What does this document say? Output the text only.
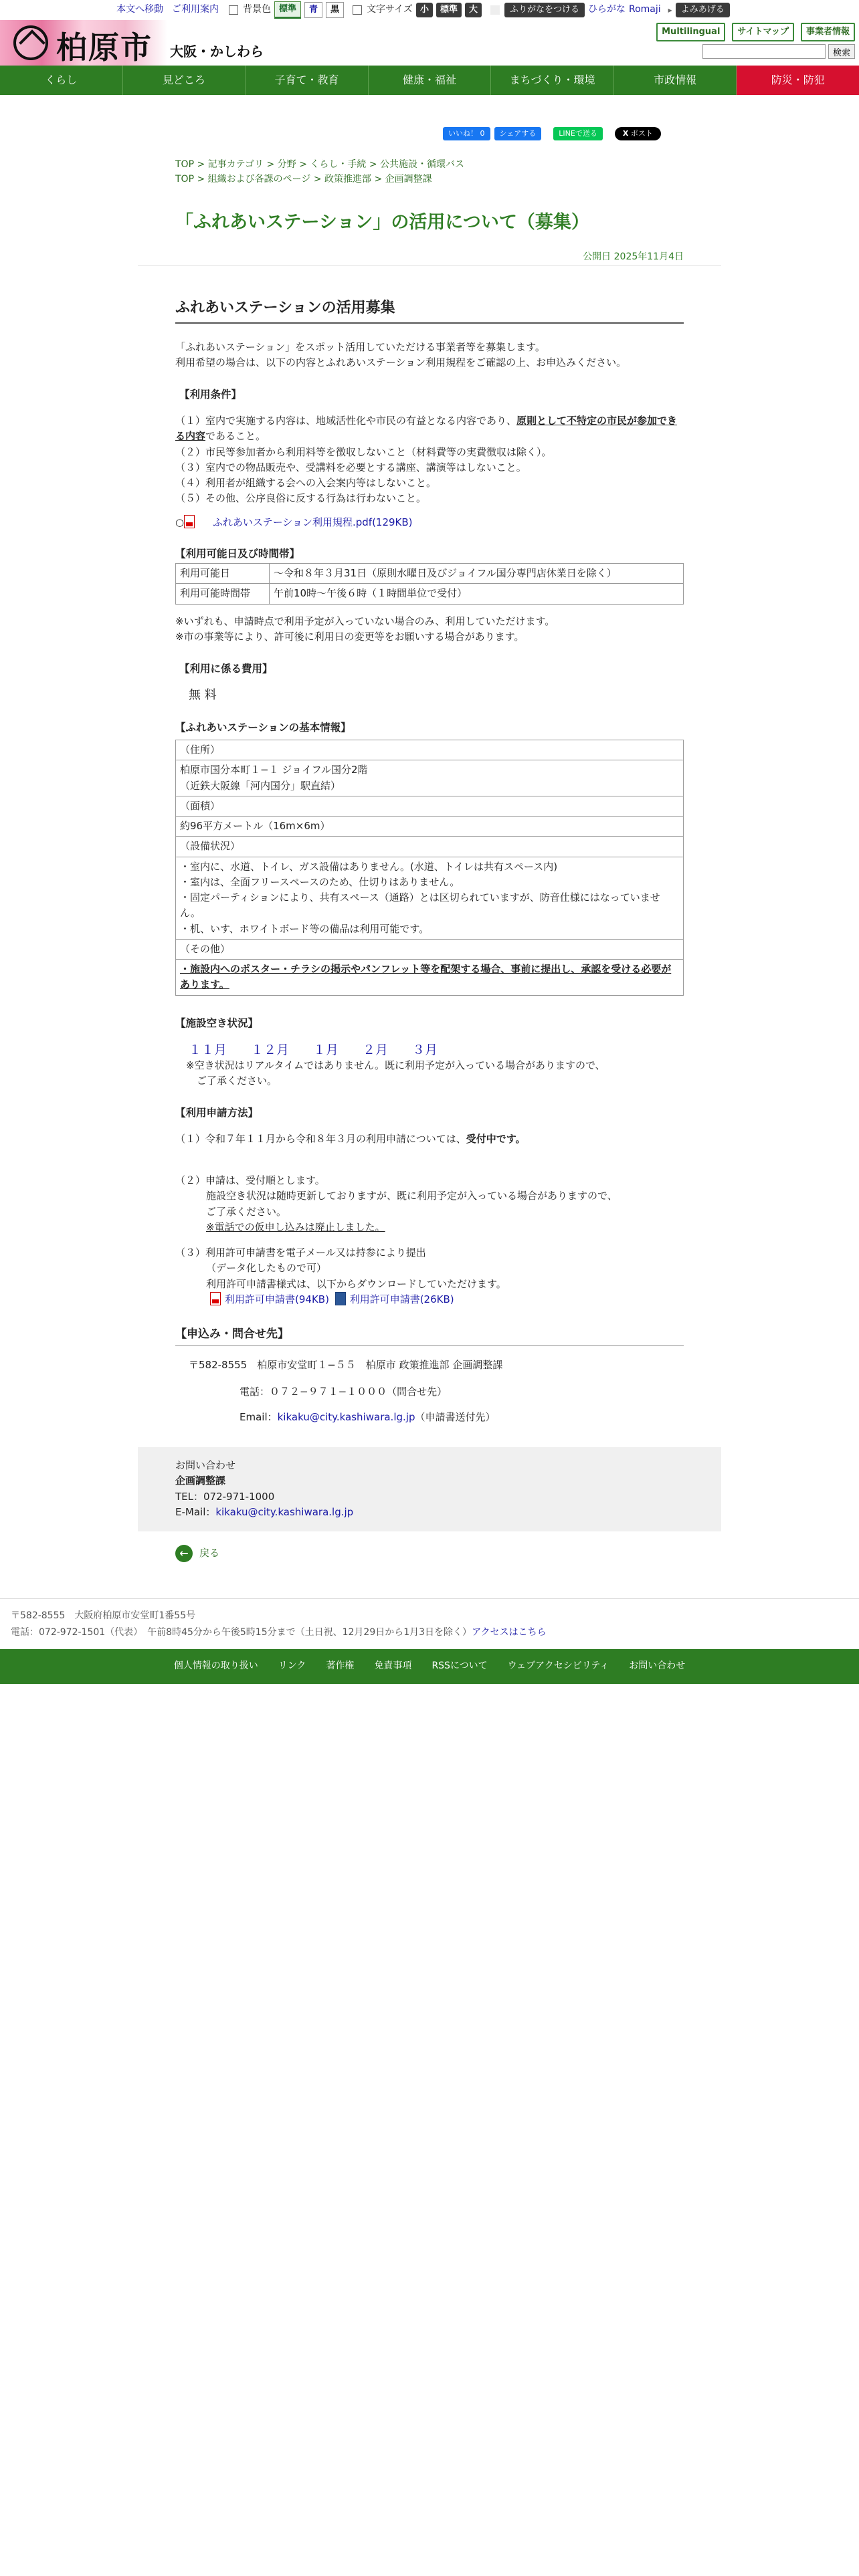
本文へ移動 ご利用案内	背景色 標準	青	黒	文字サイズ 小	標準	大	ふりがなをつける ひらがな Romaji ▸	よみあげる
柏原市 大阪・かしわら
Multilingual	サイトマップ	事業者情報
検索
くらし	見どころ	子育て・教育	健康・福祉	まちづくり・環境	市政情報	防災・防犯
いいね！ 0	シェアする	LINEで送る	X
ポスト
TOP > 記事カテゴリ > 分野 > くらし・手続 > 公共施設・循環バス
TOP > 組織および各課のページ > 政策推進部 > 企画調整課
「ふれあいステーション」の活用について（募集）
公開日 2025年11月4日
ふれあいステーションの活用募集
「ふれあいステーション」をスポット活用していただける事業者等を募集します。
利用希望の場合は、以下の内容とふれあいステーション利用規程をご確認の上、お申込みください。
【利用条件】
（１）室内で実施する内容は、地域活性化や市民の有益となる内容であり、原則として不特定の市民が参加できる内容であること。
（２）市民等参加者から利用料等を徴収しないこと（材料費等の実費徴収は除く）。
（３）室内での物品販売や、受講料を必要とする講座、講演等はしないこと。
（４）利用者が組織する会への入会案内等はしないこと。
（５）その他、公序良俗に反する行為は行わないこと。
○	ふれあいステーション利用規程.pdf(129KB)
【利用可能日及び時間帯】
利用可能日	〜令和８年３月31日（原則水曜日及びジョイフル国分専門店休業日を除く）
利用可能時間帯	午前10時〜午後６時（１時間単位で受付）
※いずれも、申請時点で利用予定が入っていない場合のみ、利用していただけます。
※市の事業等により、許可後に利用日の変更等をお願いする場合があります。
【利用に係る費用】
無 料
【ふれあいステーションの基本情報】
（住所）

柏原市国分本町１−１ ジョイフル国分2階
（近鉄大阪線「河内国分」駅直結）

（面積）
約96平方メートル（16m×6m）
（設備状況）

・室内に、水道、トイレ、ガス設備はありません。(水道、トイレは共有スペース内)
・室内は、全面フリースペースのため、仕切りはありません。
・固定パーティションにより、共有スペース（通路）とは区切られていますが、防音仕様にはなっていません。
・机、いす、ホワイトボード等の備品は利用可能です。

（その他）
・施設内へのポスター・チラシの掲示やパンフレット等を配架する場合、事前に提出し、承認を受ける必要があります。
【施設空き状況】
１１月 １２月 １月 ２月 ３月
※空き状況はリアルタイムではありません。既に利用予定が入っている場合がありますので、
ご了承ください。
【利用申請方法】
（１）令和７年１１月から令和８年３月の利用申請については、受付中です。
（２）申請は、受付順とします。
施設空き状況は随時更新しておりますが、既に利用予定が入っている場合がありますので、
ご了承ください。
※電話での仮申し込みは廃止しました。
（３）利用許可申請書を電子メール又は持参により提出
（データ化したもので可）
利用許可申請書様式は、以下からダウンロードしていただけます。
利用許可申請書(94KB) 利用許可申請書(26KB)
【申込み・問合せ先】
〒582-8555　柏原市安堂町１−５５　柏原市 政策推進部 企画調整課
電話：０７２−９７１−１０００（問合せ先）
Email：kikaku@city.kashiwara.lg.jp（申請書送付先）
お問い合わせ
企画調整課
TEL：072-971-1000
E-Mail：kikaku@city.kashiwara.lg.jp
←	戻る
〒582-8555　大阪府柏原市安堂町1番55号
電話：072-972-1501（代表）　午前8時45分から午後5時15分まで（土日祝、12月29日から1月3日を除く）アクセスはこちら
個人情報の取り扱い リンク 著作権 免責事項 RSSについて ウェブアクセシビリティ お問い合わせ
